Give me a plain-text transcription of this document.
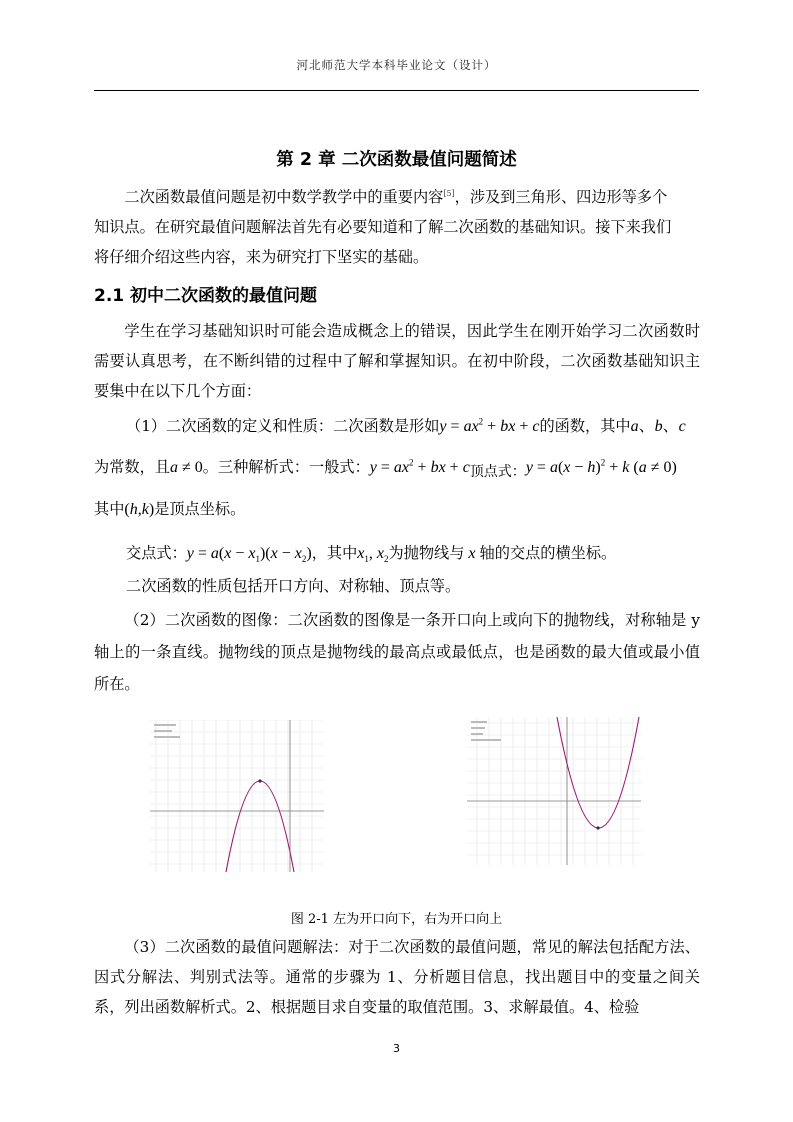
河北师范大学本科毕业论文（设计）
第 2 章 二次函数最值问题简述
二次函数最值问题是初中数学教学中的重要内容[5]，涉及到三角形、四边形等多个
知识点。在研究最值问题解法首先有必要知道和了解二次函数的基础知识。接下来我们
将仔细介绍这些内容，来为研究打下坚实的基础。
2.1 初中二次函数的最值问题
学生在学习基础知识时可能会造成概念上的错误，因此学生在刚开始学习二次函数时需要认真思考，在不断纠错的过程中了解和掌握知识。在初中阶段，二次函数基础知识主要集中在以下几个方面：
（1）二次函数的定义和性质：二次函数是形如$y = ax^2$ + bx + c的函数，其中a、b、c
为常数，且a ≠ 0。三种解析式：一般式：$y = ax^2$ + bx + c顶点式：$y = a(x - h)^2 + k$ (a ≠ 0)
其中(h,k)是顶点坐标。
交点式：$y = a(x - x_1)(x - x_2)$，其中$x_1$, $x_2$为抛物线与 x 轴的交点的横坐标。
二次函数的性质包括开口方向、对称轴、顶点等。
（2）二次函数的图像：二次函数的图像是一条开口向上或向下的抛物线，对称轴是 y 轴上的一条直线。抛物线的顶点是抛物线的最高点或最低点，也是函数的最大值或最小值所在。
图 2-1 左为开口向下，右为开口向上
（3）二次函数的最值问题解法：对于二次函数的最值问题，常见的解法包括配方法、因式分解法、判别式法等。通常的步骤为 1、分析题目信息，找出题目中的变量之间关系，列出函数解析式。2、根据题目求自变量的取值范围。3、求解最值。4、检验
3
